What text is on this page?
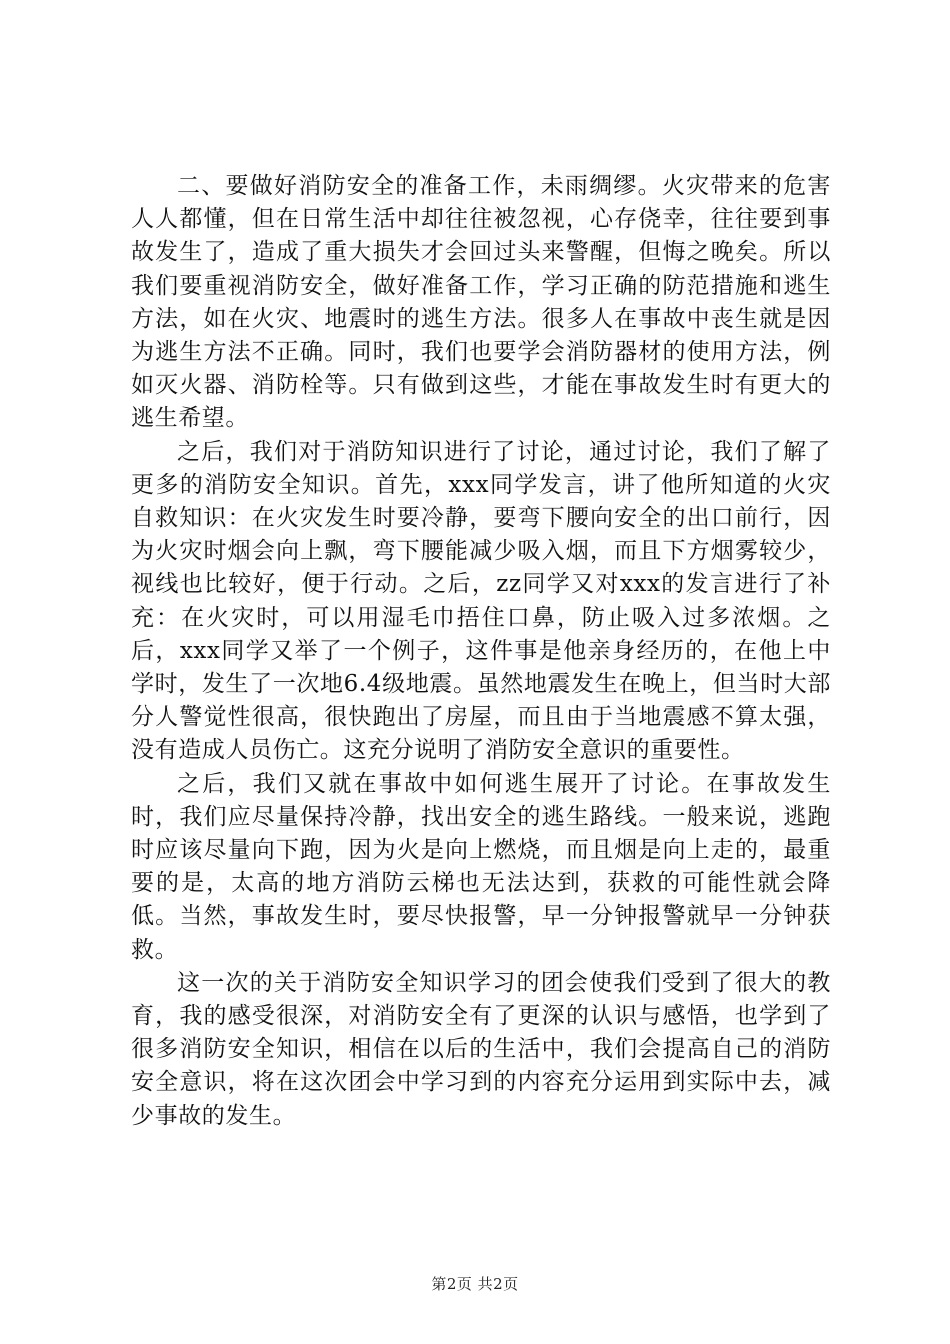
二、要做好消防安全的准备工作，未雨绸缪。火灾带来的危害人人都懂，但在日常生活中却往往被忽视，心存侥幸，往往要到事故发生了，造成了重大损失才会回过头来警醒，但悔之晚矣。所以我们要重视消防安全，做好准备工作，学习正确的防范措施和逃生方法，如在火灾、地震时的逃生方法。很多人在事故中丧生就是因为逃生方法不正确。同时，我们也要学会消防器材的使用方法，例如灭火器、消防栓等。只有做到这些，才能在事故发生时有更大的逃生希望。

之后，我们对于消防知识进行了讨论，通过讨论，我们了解了更多的消防安全知识。首先，xxx同学发言，讲了他所知道的火灾自救知识：在火灾发生时要冷静，要弯下腰向安全的出口前行，因为火灾时烟会向上飘，弯下腰能减少吸入烟，而且下方烟雾较少，视线也比较好，便于行动。之后，zz同学又对xxx的发言进行了补充：在火灾时，可以用湿毛巾捂住口鼻，防止吸入过多浓烟。之后，xxx同学又举了一个例子，这件事是他亲身经历的，在他上中学时，发生了一次地6.4级地震。虽然地震发生在晚上，但当时大部分人警觉性很高，很快跑出了房屋，而且由于当地震感不算太强，没有造成人员伤亡。这充分说明了消防安全意识的重要性。

之后，我们又就在事故中如何逃生展开了讨论。在事故发生时，我们应尽量保持冷静，找出安全的逃生路线。一般来说，逃跑时应该尽量向下跑，因为火是向上燃烧，而且烟是向上走的，最重要的是，太高的地方消防云梯也无法达到，获救的可能性就会降低。当然，事故发生时，要尽快报警，早一分钟报警就早一分钟获救。

这一次的关于消防安全知识学习的团会使我们受到了很大的教育，我的感受很深，对消防安全有了更深的认识与感悟，也学到了很多消防安全知识，相信在以后的生活中，我们会提高自己的消防安全意识，将在这次团会中学习到的内容充分运用到实际中去，减少事故的发生。

第2页 共2页
